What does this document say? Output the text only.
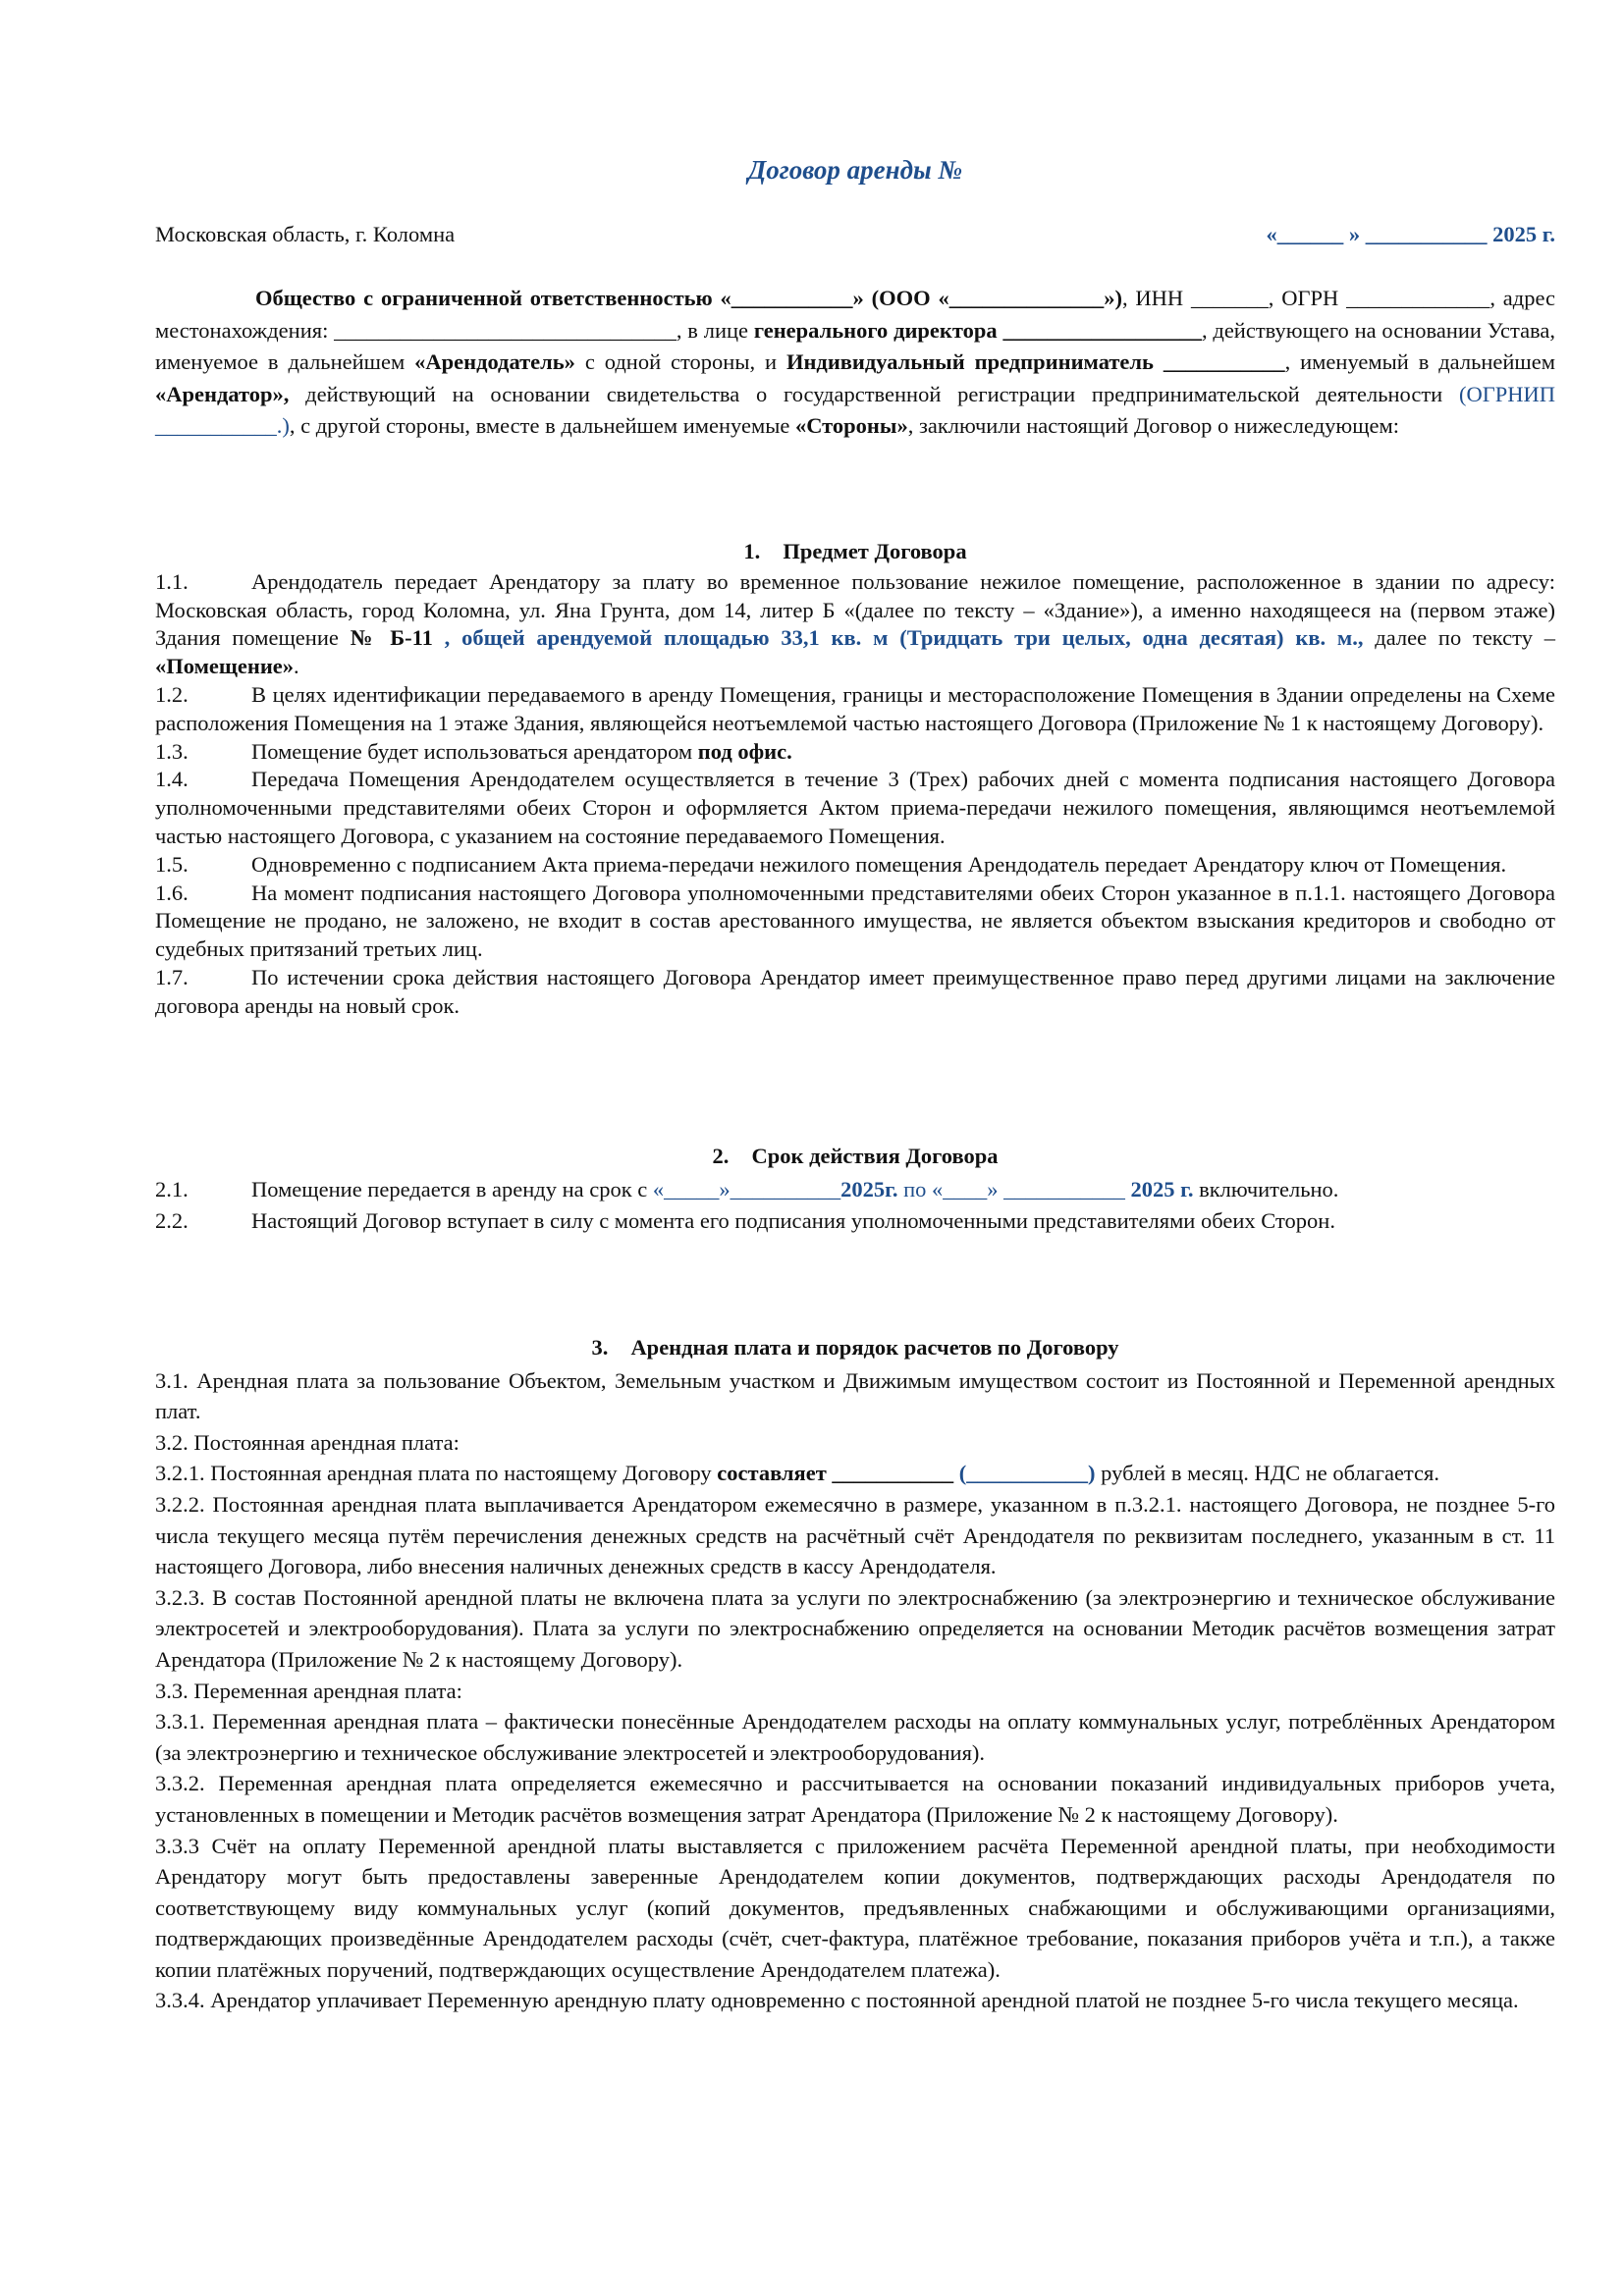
Договор аренды №
Московская область, г. Коломна	«______ » ___________ 2025 г.
Общество с ограниченной ответственностью «___________» (ООО «______________»), ИНН _______, ОГРН _____________, адрес местонахождения: _______________________________, в лице генерального директора __________________, действующего на основании Устава, именуемое в дальнейшем «Арендодатель» с одной стороны, и Индивидуальный предприниматель ___________, именуемый в дальнейшем «Арендатор», действующий на основании свидетельства о государственной регистрации предпринимательской деятельности (ОГРНИП ___________.), с другой стороны, вместе в дальнейшем именуемые «Стороны», заключили настоящий Договор о нижеследующем:
1. Предмет Договора
1.1.	Арендодатель передает Арендатору за плату во временное пользование нежилое помещение, расположенное в здании по адресу: Московская область, город Коломна, ул. Яна Грунта, дом 14, литер Б «(далее по тексту – «Здание»), а именно находящееся на (первом этаже) Здания помещение № Б-11 , общей арендуемой площадью 33,1 кв. м (Тридцать три целых, одна десятая) кв. м., далее по тексту – «Помещение».
1.2.	В целях идентификации передаваемого в аренду Помещения, границы и месторасположение Помещения в Здании определены на Схеме расположения Помещения на 1 этаже Здания, являющейся неотъемлемой частью настоящего Договора (Приложение № 1 к настоящему Договору).
1.3.	Помещение будет использоваться арендатором под офис.
1.4.	Передача Помещения Арендодателем осуществляется в течение 3 (Трех) рабочих дней с момента подписания настоящего Договора уполномоченными представителями обеих Сторон и оформляется Актом приема-передачи нежилого помещения, являющимся неотъемлемой частью настоящего Договора, с указанием на состояние передаваемого Помещения.
1.5.	Одновременно с подписанием Акта приема-передачи нежилого помещения Арендодатель передает Арендатору ключ от Помещения.
1.6.	На момент подписания настоящего Договора уполномоченными представителями обеих Сторон указанное в п.1.1. настоящего Договора Помещение не продано, не заложено, не входит в состав арестованного имущества, не является объектом взыскания кредиторов и свободно от судебных притязаний третьих лиц.
1.7.	По истечении срока действия настоящего Договора Арендатор имеет преимущественное право перед другими лицами на заключение договора аренды на новый срок.
2. Срок действия Договора
2.1.	Помещение передается в аренду на срок с «_____»__________2025г. по «____» ___________ 2025 г. включительно.
2.2.	Настоящий Договор вступает в силу с момента его подписания уполномоченными представителями обеих Сторон.
3. Арендная плата и порядок расчетов по Договору
3.1. Арендная плата за пользование Объектом, Земельным участком и Движимым имуществом состоит из Постоянной и Переменной арендных плат.
3.2. Постоянная арендная плата:
3.2.1. Постоянная арендная плата по настоящему Договору составляет ___________ (___________) рублей в месяц. НДС не облагается.
3.2.2. Постоянная арендная плата выплачивается Арендатором ежемесячно в размере, указанном в п.3.2.1. настоящего Договора, не позднее 5-го числа текущего месяца путём перечисления денежных средств на расчётный счёт Арендодателя по реквизитам последнего, указанным в ст. 11 настоящего Договора, либо внесения наличных денежных средств в кассу Арендодателя.
3.2.3. В состав Постоянной арендной платы не включена плата за услуги по электроснабжению (за электроэнергию и техническое обслуживание электросетей и электрооборудования). Плата за услуги по электроснабжению определяется на основании Методик расчётов возмещения затрат Арендатора (Приложение № 2 к настоящему Договору).
3.3. Переменная арендная плата:
3.3.1. Переменная арендная плата – фактически понесённые Арендодателем расходы на оплату коммунальных услуг, потреблённых Арендатором (за электроэнергию и техническое обслуживание электросетей и электрооборудования).
3.3.2. Переменная арендная плата определяется ежемесячно и рассчитывается на основании показаний индивидуальных приборов учета, установленных в помещении и Методик расчётов возмещения затрат Арендатора (Приложение № 2 к настоящему Договору).
3.3.3 Счёт на оплату Переменной арендной платы выставляется с приложением расчёта Переменной арендной платы, при необходимости Арендатору могут быть предоставлены заверенные Арендодателем копии документов, подтверждающих расходы Арендодателя по соответствующему виду коммунальных услуг (копий документов, предъявленных снабжающими и обслуживающими организациями, подтверждающих произведённые Арендодателем расходы (счёт, счет-фактура, платёжное требование, показания приборов учёта и т.п.), а также копии платёжных поручений, подтверждающих осуществление Арендодателем платежа).
3.3.4. Арендатор уплачивает Переменную арендную плату одновременно с постоянной арендной платой не позднее 5-го числа текущего месяца.
